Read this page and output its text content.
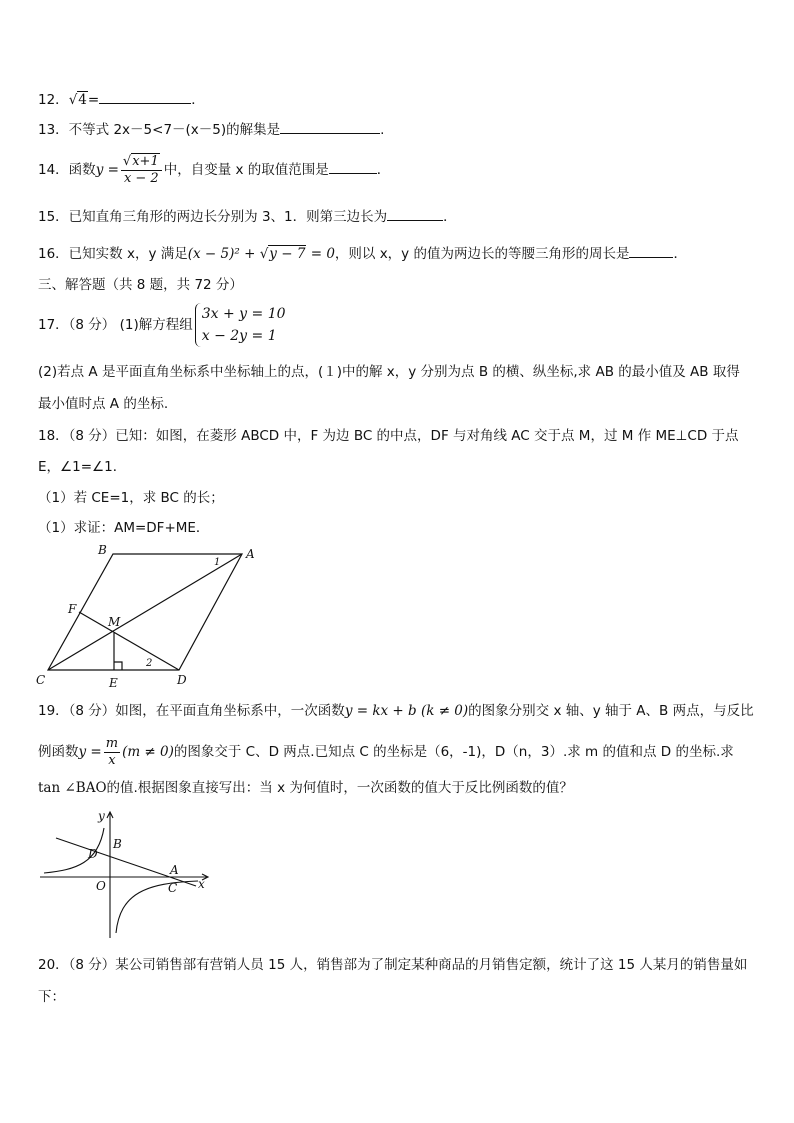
12．√4=	．
13．不等式 2x－5<7－(x－5)的解集是	.
14．函数$y = \frac{√x+1}{x - 2}$ 中，自变量 x 的取值范围是	．
15．已知直角三角形的两边长分别为 3、1．则第三边长为	．
16．已知实数 x，y 满足(x − 5)² + √y − 7 = 0，则以 x，y 的值为两边长的等腰三角形的周长是	．
三、解答题（共 8 题，共 72 分）
17．（8 分） (1)解方程组
3x + y = 10
x − 2y = 1
(2)若点 A 是平面直角坐标系中坐标轴上的点，(１)中的解 x，y 分别为点 B 的横、纵坐标,求 AB 的最小值及 AB 取得
最小值时点 A 的坐标.
18．（8 分）已知：如图，在菱形 ABCD 中，F 为边 BC 的中点，DF 与对角线 AC 交于点 M，过 M 作 ME⊥CD 于点
E，∠1=∠1．
（1）若 CE=1，求 BC 的长；
（1）求证：AM=DF+ME．
B	A
1
F
M
2
C	E	D
19．（8 分）如图，在平面直角坐标系中，一次函数y = kx + b (k ≠ 0)的图象分别交 x 轴、y 轴于 A、B 两点，与反比
例函数$y = \frac{m}{x} (m \ne 0)$的图象交于 C、D 两点.已知点 C 的坐标是（6，-1)，D（n，3）.求 m 的值和点 D 的坐标.求
tan ∠BAO的值.根据图象直接写出：当 x 为何值时，一次函数的值大于反比例函数的值？
y
x
D
B
O
A
C
20．（8 分）某公司销售部有营销人员 15 人，销售部为了制定某种商品的月销售定额，统计了这 15 人某月的销售量如
下：
